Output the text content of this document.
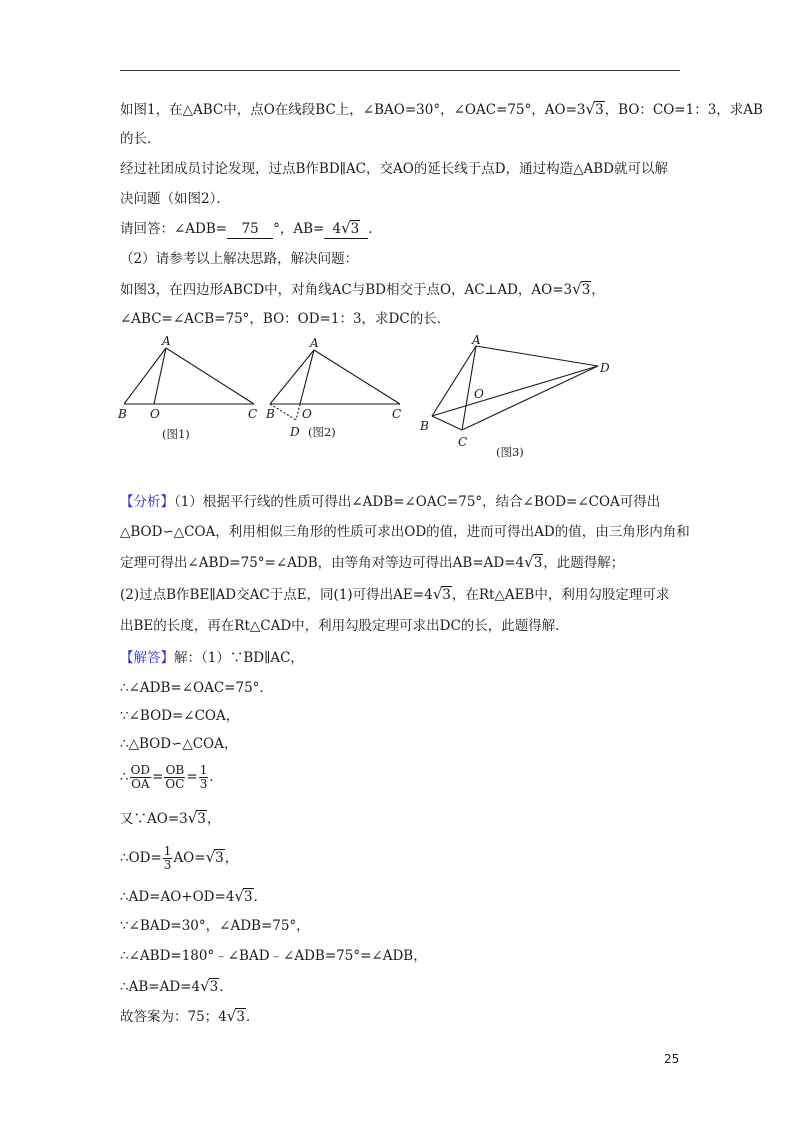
如图1，在△ABC中，点O在线段BC上，∠BAO=30°，∠OAC=75°，AO=3√3，BO：CO=1：3，求AB
的长．
经过社团成员讨论发现，过点B作BD∥AC，交AO的延长线于点D，通过构造△ABD就可以解
决问题（如图2）．
请回答：∠ADB= 75 °，AB= 4√3 ．
（2）请参考以上解决思路，解决问题：
如图3，在四边形ABCD中，对角线AC与BD相交于点O，AC⊥AD，AO=3√3，
∠ABC=∠ACB=75°，BO：OD=1：3，求DC的长．
A
B O	C
(图1)
A
B O	C
D (图2)
A
B
O
C
D
(图3)
【分析】（1）根据平行线的性质可得出∠ADB=∠OAC=75°，结合∠BOD=∠COA可得出
△BOD∽△COA，利用相似三角形的性质可求出OD的值，进而可得出AD的值，由三角形内角和
定理可得出∠ABD=75°=∠ADB，由等角对等边可得出AB=AD=4√3，此题得解；
(2)过点B作BE∥AD交AC于点E，同(1)可得出AE=4√3，在Rt△AEB中，利用勾股定理可求
出BE的长度，再在Rt△CAD中，利用勾股定理可求出DC的长，此题得解．
【解答】解：（1）∵BD∥AC，
∴∠ADB=∠OAC=75°．
∵∠BOD=∠COA，
∴△BOD∽△COA，
∴ $\frac{OD}{OA} = \frac{OB}{OC} = \frac{1}{3}$ ．
又∵AO=3√3，
∴OD= $\frac{1}{3} AO=√3$，
∴AD=AO+OD=4√3．
∵∠BAD=30°，∠ADB=75°，
∴∠ABD=180°﹣∠BAD﹣∠ADB=75°=∠ADB，
∴AB=AD=4√3．
故答案为：75；4√3．
25
